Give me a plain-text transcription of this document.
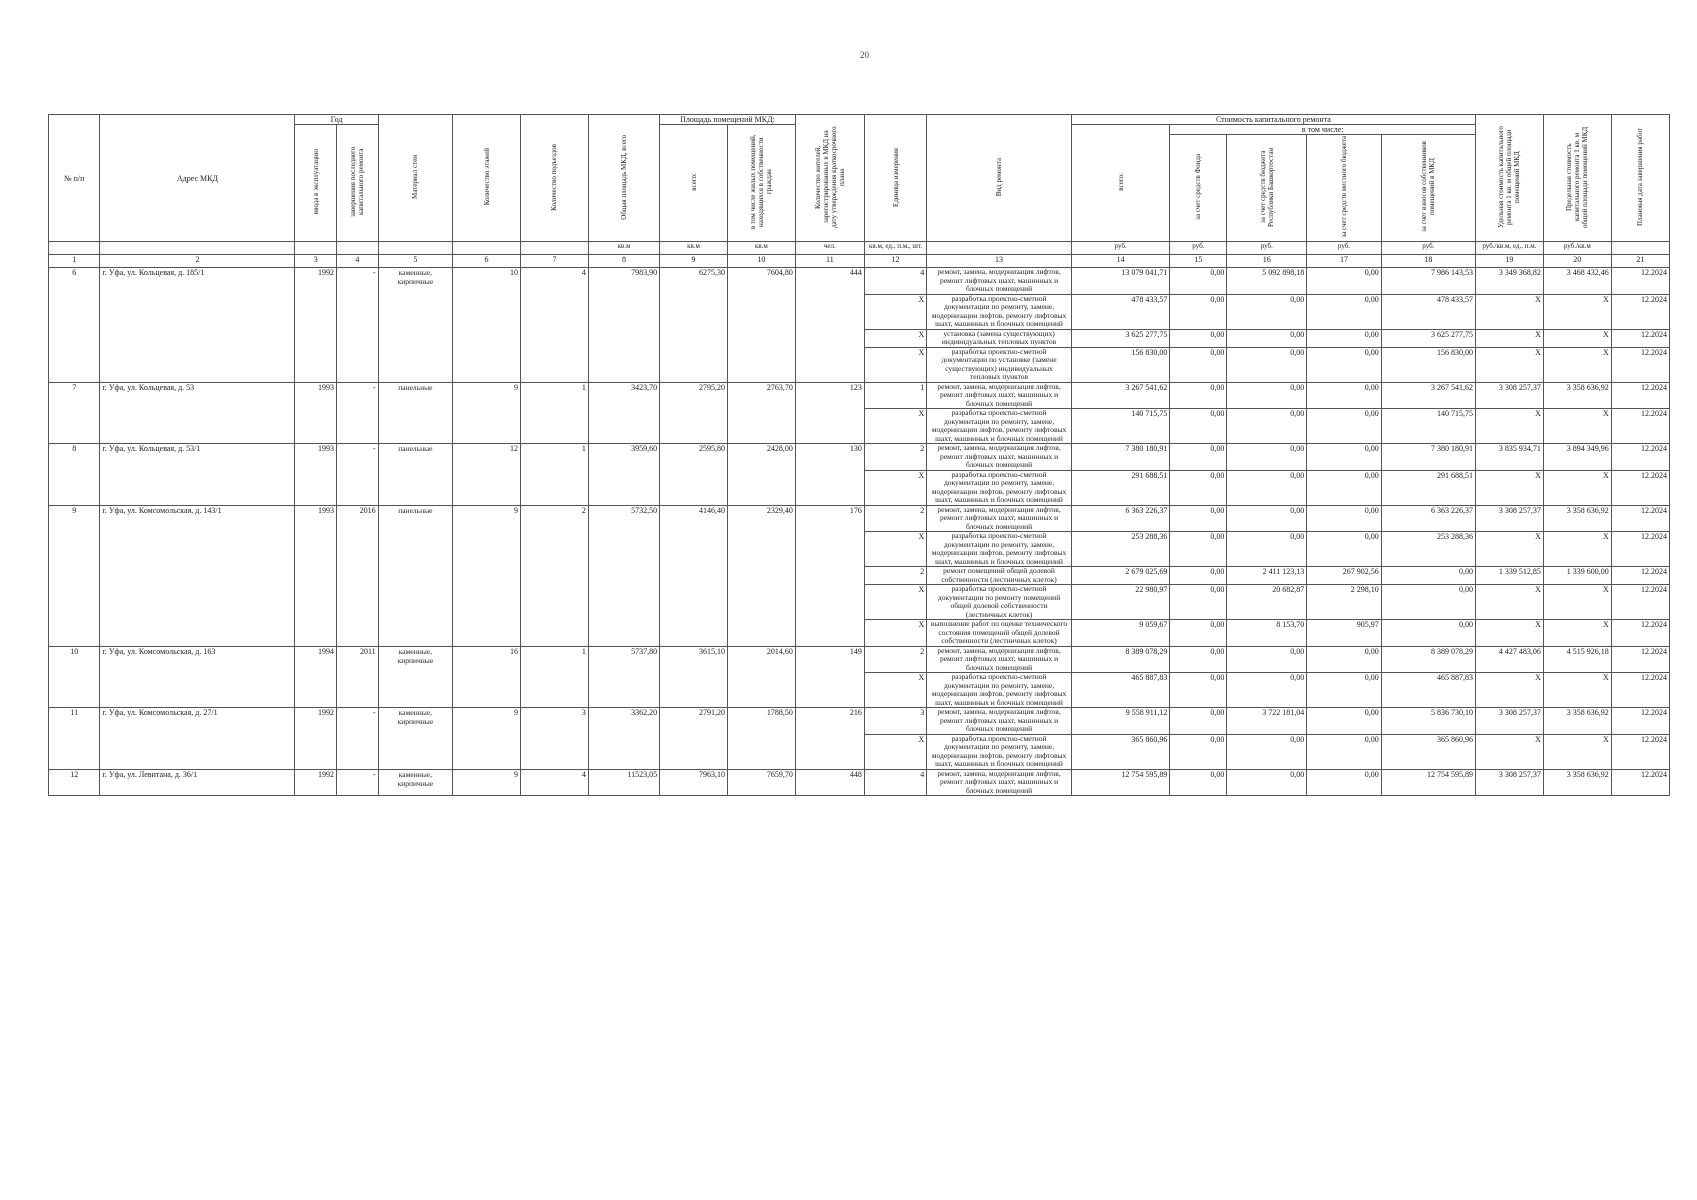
20
№ п/п	Адрес МКД	Год		Материал стен	Количество этажей	Количество подъездов	Общая площадь МКД, всего	Площадь помещений МКД:		Количество жителей, зарегистрированных в МКД на дату утверждения краткосрочного плана	Единица измерения	Вид ремонта	Стоимость капитального ремонта					Удельная стоимость капитального ремонта 1 кв. м общей площади помещений МКД	Предельная стоимость капитального ремонта 1 кв. м общей площади помещений МКД	Плановая дата завершения работ
		ввода в эксплуатацию	завершения последнего капитального ремонта					всего:	в том числе жилых помещений, находящихся в собственности граждан				всего:	в том числе:						
														за счет средств Фонда	за счет средств бюджета Республики Башкортостан	за счет средств местного бюджета	за счет взносов собственников помещений в МКД			
							кв.м	кв.м	кв.м	чел.	кв.м, ед., п.м., шт.		руб.	руб.	руб.	руб.	руб.	руб./кв.м, ед., п.м.	руб./кв.м	
1	2	3	4	5	6	7	8	9	10	11	12	13	14	15	16	17	18	19	20	21
6	г. Уфа, ул. Кольцевая, д. 185/1	1992	-	каменные, кирпичные	10	4	7983,90	6275,30	7604,80	444	4	ремонт, замена, модернизация лифтов, ремонт лифтовых шахт, машинных и блочных помещений	13 079 041,71	0,00	5 092 898,18	0,00	7 986 143,53	3 349 368,82	3 468 432,46	12.2024
											X	разработка проектно-сметной документации по ремонту, замене, модернизации лифтов, ремонту лифтовых шахт, машинных и блочных помещений	478 433,57	0,00	0,00	0,00	478 433,57	X	X	12.2024
											X	установка (замена существующих) индивидуальных тепловых пунктов	3 625 277,75	0,00	0,00	0,00	3 625 277,75	X	X	12.2024
											X	разработка проектно-сметной документации по установке (замене существующих) индивидуальных тепловых пунктов	156 830,00	0,00	0,00	0,00	156 830,00	X	X	12.2024
7	г. Уфа, ул. Кольцевая, д. 53	1993	-	панельные	9	1	3423,70	2795,20	2763,70	123	1	ремонт, замена, модернизация лифтов, ремонт лифтовых шахт, машинных и блочных помещений	3 267 541,62	0,00	0,00	0,00	3 267 541,62	3 308 257,37	3 358 636,92	12.2024
											X	разработка проектно-сметной документации по ремонту, замене, модернизации лифтов, ремонту лифтовых шахт, машинных и блочных помещений	140 715,75	0,00	0,00	0,00	140 715,75	X	X	12.2024
8	г. Уфа, ул. Кольцевая, д. 53/1	1993	-	панельные	12	1	3959,60	2595,80	2428,00	130	2	ремонт, замена, модернизация лифтов, ремонт лифтовых шахт, машинных и блочных помещений	7 380 180,91	0,00	0,00	0,00	7 380 180,91	3 835 934,71	3 894 349,96	12.2024
											X	разработка проектно-сметной документации по ремонту, замене, модернизации лифтов, ремонту лифтовых шахт, машинных и блочных помещений	291 688,51	0,00	0,00	0,00	291 688,51	X	X	12.2024
9	г. Уфа, ул. Комсомольская, д. 143/1	1993	2016	панельные	9	2	5732,50	4146,40	2329,40	176	2	ремонт, замена, модернизация лифтов, ремонт лифтовых шахт, машинных и блочных помещений	6 363 226,37	0,00	0,00	0,00	6 363 226,37	3 308 257,37	3 358 636,92	12.2024
											X	разработка проектно-сметной документации по ремонту, замене, модернизации лифтов, ремонту лифтовых шахт, машинных и блочных помещений	253 288,36	0,00	0,00	0,00	253 288,36	X	X	12.2024
											2	ремонт помещений общей долевой собственности (лестничных клеток)	2 679 025,69	0,00	2 411 123,13	267 902,56	0,00	1 339 512,85	1 339 600,00	12.2024
											X	разработка проектно-сметной документации по ремонту помещений общей долевой собственности (лестничных клеток)	22 980,97	0,00	20 682,87	2 298,10	0,00	X	X	12.2024
											X	выполнение работ по оценке технического состояния помещений общей долевой собственности (лестничных клеток)	9 059,67	0,00	8 153,70	905,97	0,00	X	X	12.2024
10	г. Уфа, ул. Комсомольская, д. 163	1994	2011	каменные, кирпичные	16	1	5737,80	3615,10	2014,60	149	2	ремонт, замена, модернизация лифтов, ремонт лифтовых шахт, машинных и блочных помещений	8 389 078,29	0,00	0,00	0,00	8 389 078,29	4 427 483,06	4 515 926,18	12.2024
											X	разработка проектно-сметной документации по ремонту, замене, модернизации лифтов, ремонту лифтовых шахт, машинных и блочных помещений	465 887,83	0,00	0,00	0,00	465 887,83	X	X	12.2024
11	г. Уфа, ул. Комсомольская, д. 27/1	1992	-	каменные, кирпичные	9	3	3362,20	2791,20	1788,50	216	3	ремонт, замена, модернизация лифтов, ремонт лифтовых шахт, машинных и блочных помещений	9 558 911,12	0,00	3 722 181,04	0,00	5 836 730,10	3 308 257,37	3 358 636,92	12.2024
											X	разработка проектно-сметной документации по ремонту, замене, модернизации лифтов, ремонту лифтовых шахт, машинных и блочных помещений	365 860,96	0,00	0,00	0,00	365 860,96	X	X	12.2024
12	г. Уфа, ул. Левитана, д. 36/1	1992	-	каменные, кирпичные	9	4	11523,05	7963,10	7659,70	448	4	ремонт, замена, модернизация лифтов, ремонт лифтовых шахт, машинных и блочных помещений	12 754 595,89	0,00	0,00	0,00	12 754 595,89	3 308 257,37	3 358 636,92	12.2024
